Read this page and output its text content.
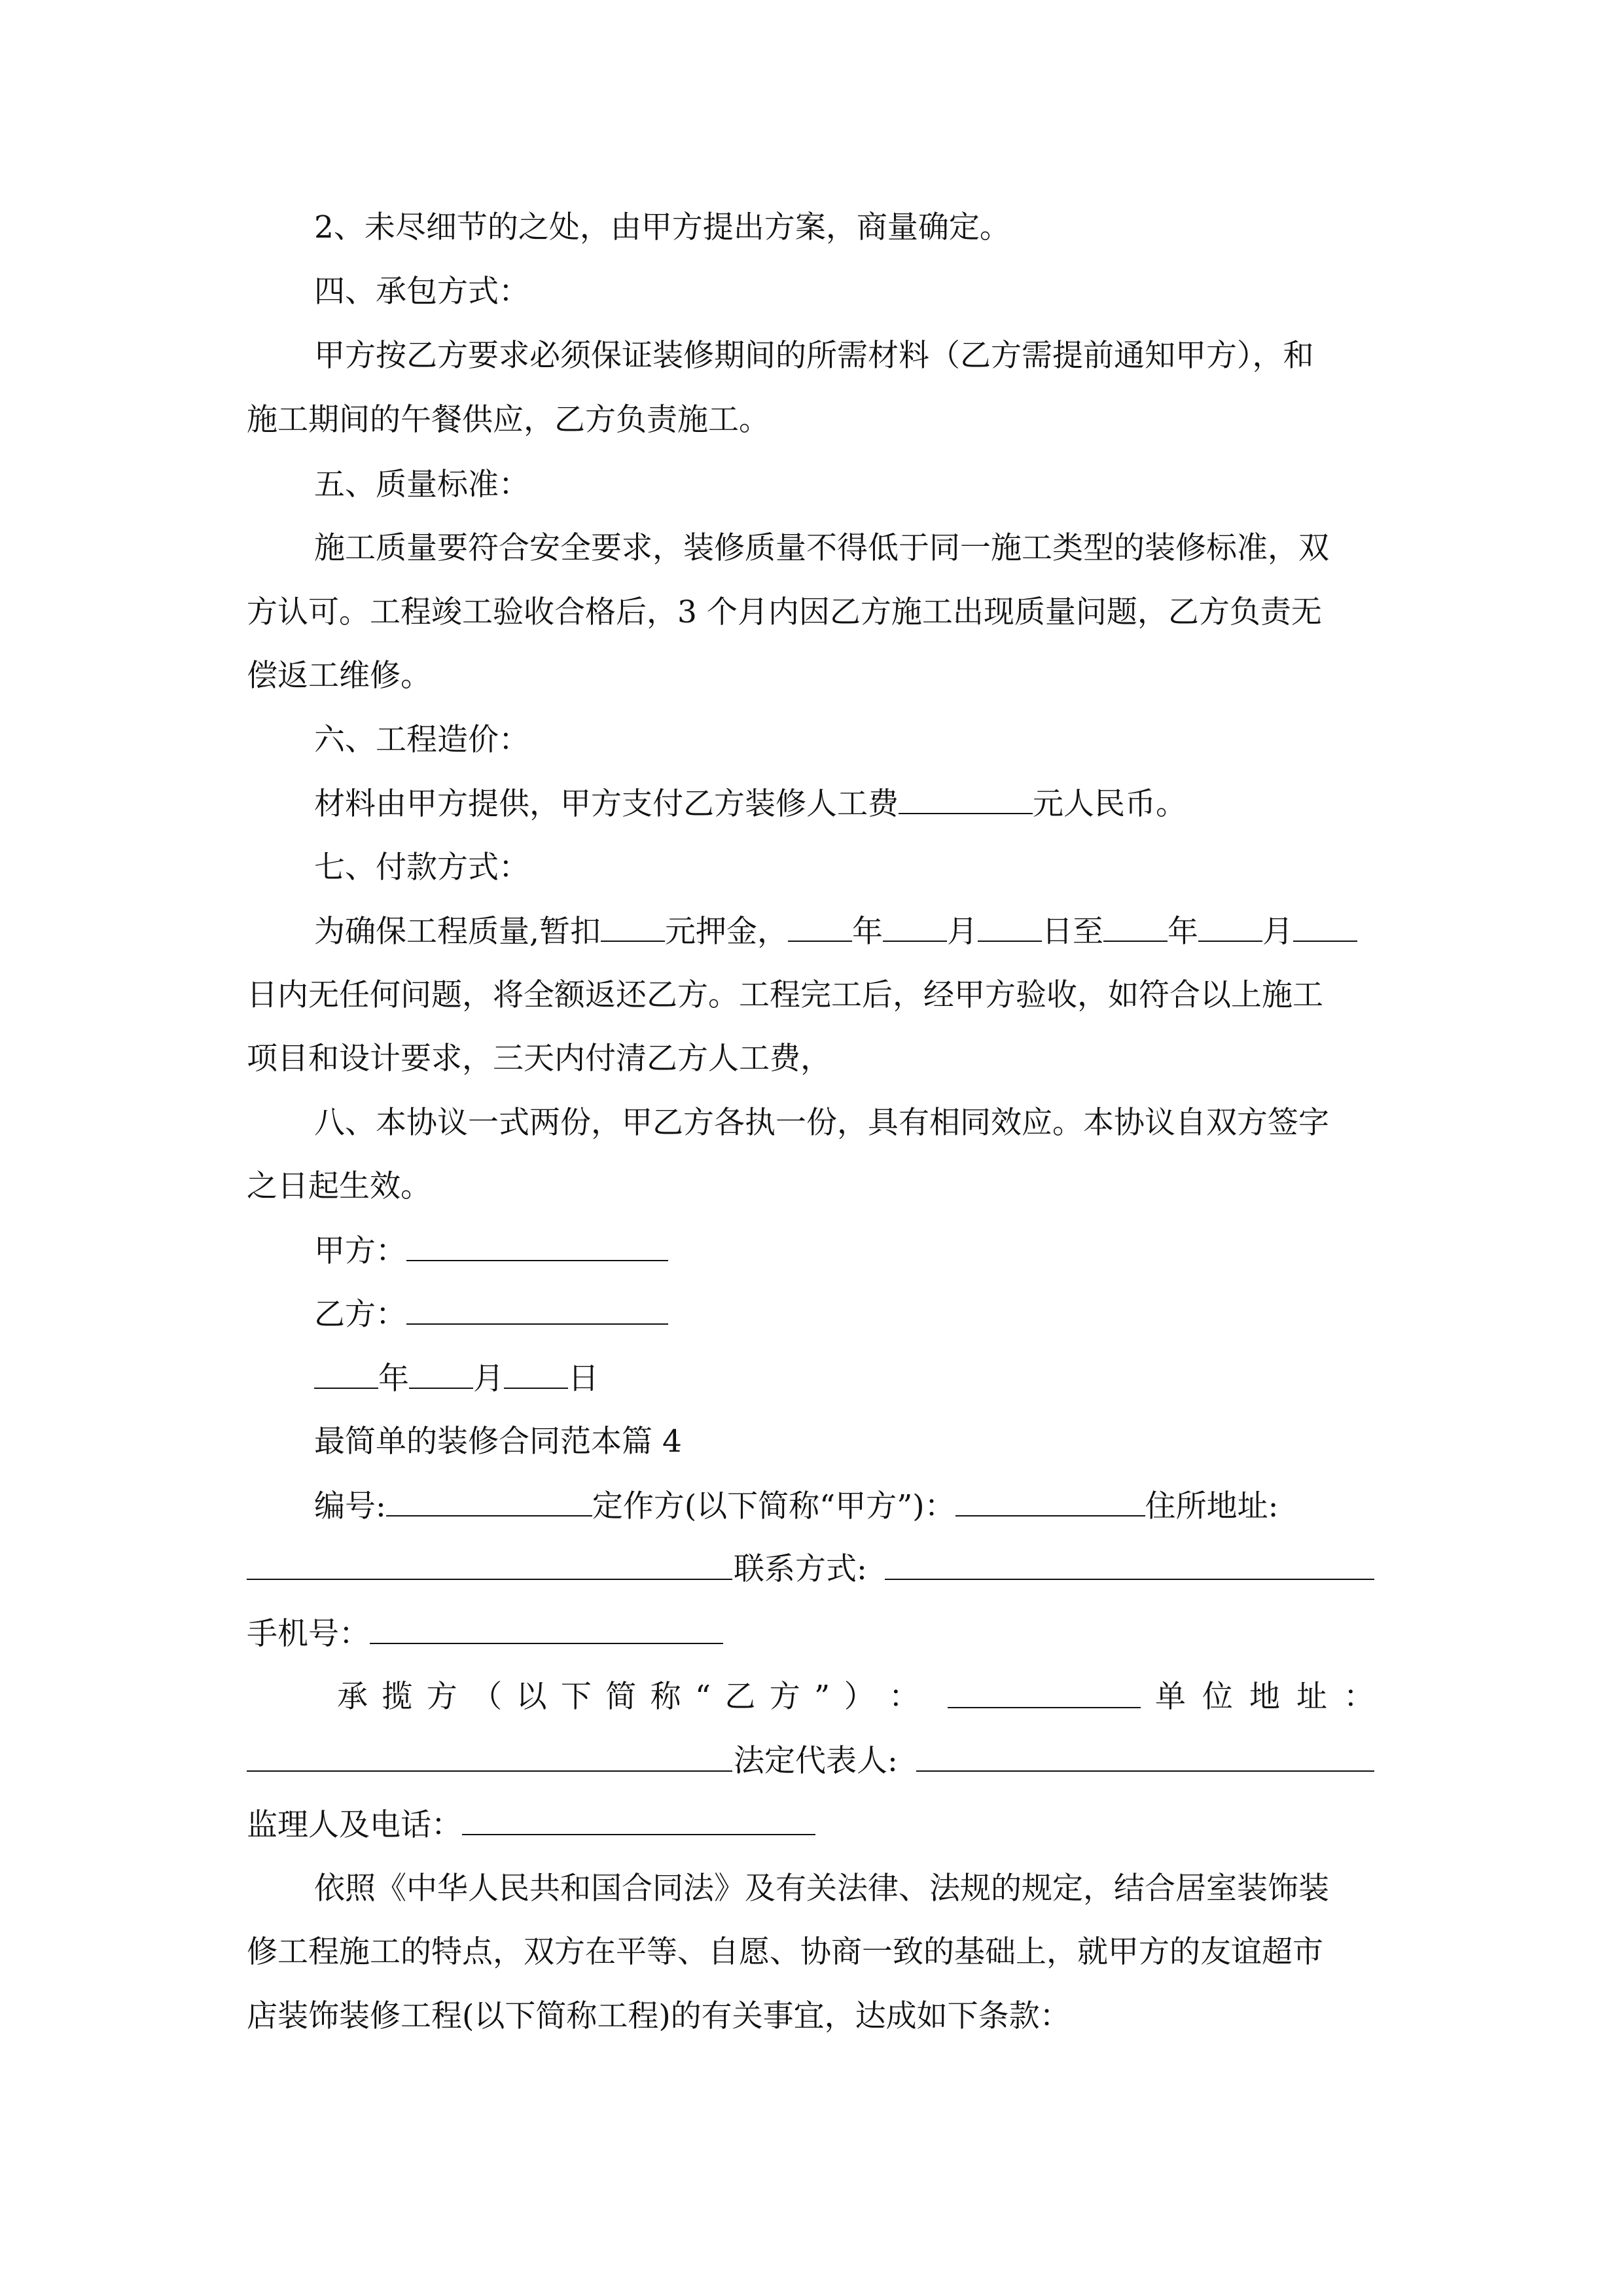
2、未尽细节的之处，由甲方提出方案，商量确定。
四、承包方式：
甲方按乙方要求必须保证装修期间的所需材料（乙方需提前通知甲方），和
施工期间的午餐供应，乙方负责施工。
五、质量标准：
施工质量要符合安全要求，装修质量不得低于同一施工类型的装修标准，双
方认可。工程竣工验收合格后，3 个月内因乙方施工出现质量问题，乙方负责无
偿返工维修。
六、工程造价：
材料由甲方提供，甲方支付乙方装修人工费	元人民币。
七、付款方式：
为确保工程质量,暂扣 元押金， 年 月 日至 年 月
日内无任何问题，将全额返还乙方。工程完工后，经甲方验收，如符合以上施工
项目和设计要求，三天内付清乙方人工费，
八、本协议一式两份，甲乙方各执一份，具有相同效应。本协议自双方签字
之日起生效。
甲方：
乙方：
年 月 日
最简单的装修合同范本篇 4
编号:	定作方(以下简称“甲方”)：	住所地址:
联系方式:
手机号：
承 揽 方 （ 以 下 简 称 “ 乙 方 ” ） ：	单 位 地 址 ：
法定代表人:
监理人及电话：
依照《中华人民共和国合同法》及有关法律、法规的规定，结合居室装饰装
修工程施工的特点，双方在平等、自愿、协商一致的基础上，就甲方的友谊超市
店装饰装修工程(以下简称工程)的有关事宜，达成如下条款：
